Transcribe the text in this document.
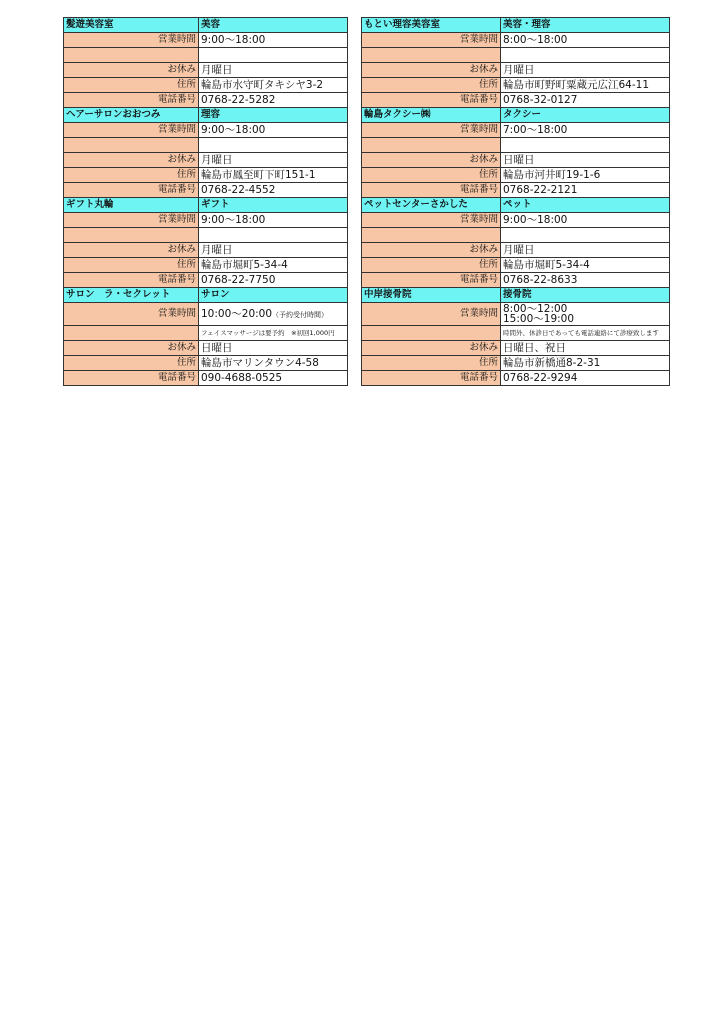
髪遊美容室	美容
営業時間	9:00～18:00

お休み	月曜日
住所	輪島市水守町タキシヤ3-2
電話番号	0768-22-5282
ヘアーサロンおおつみ	理容
営業時間	9:00～18:00

お休み	月曜日
住所	輪島市鳳至町下町151-1
電話番号	0768-22-4552
ギフト丸輪	ギフト
営業時間	9:00～18:00

お休み	月曜日
住所	輪島市堀町5-34-4
電話番号	0768-22-7750
サロン　ラ・セクレット	サロン
営業時間	10:00～20:00（予約受付時間）
	フェイスマッサージは要予約　※初回1,000円
お休み	日曜日
住所	輪島市マリンタウン4-58
電話番号	090-4688-0525
もとい理容美容室	美容・理容
営業時間	8:00～18:00

お休み	月曜日
住所	輪島市町野町粟蔵元広江64-11
電話番号	0768-32-0127
輪島タクシー㈱	タクシー
営業時間	7:00～18:00

お休み	日曜日
住所	輪島市河井町19-1-6
電話番号	0768-22-2121
ペットセンターさかした	ペット
営業時間	9:00～18:00

お休み	月曜日
住所	輪島市堀町5-34-4
電話番号	0768-22-8633
中岸接骨院	接骨院
営業時間	8:00～12:00
15:00～19:00
	時間外、休診日であっても電話連絡にて診療致します
お休み	日曜日、祝日
住所	輪島市新橋通8-2-31
電話番号	0768-22-9294
